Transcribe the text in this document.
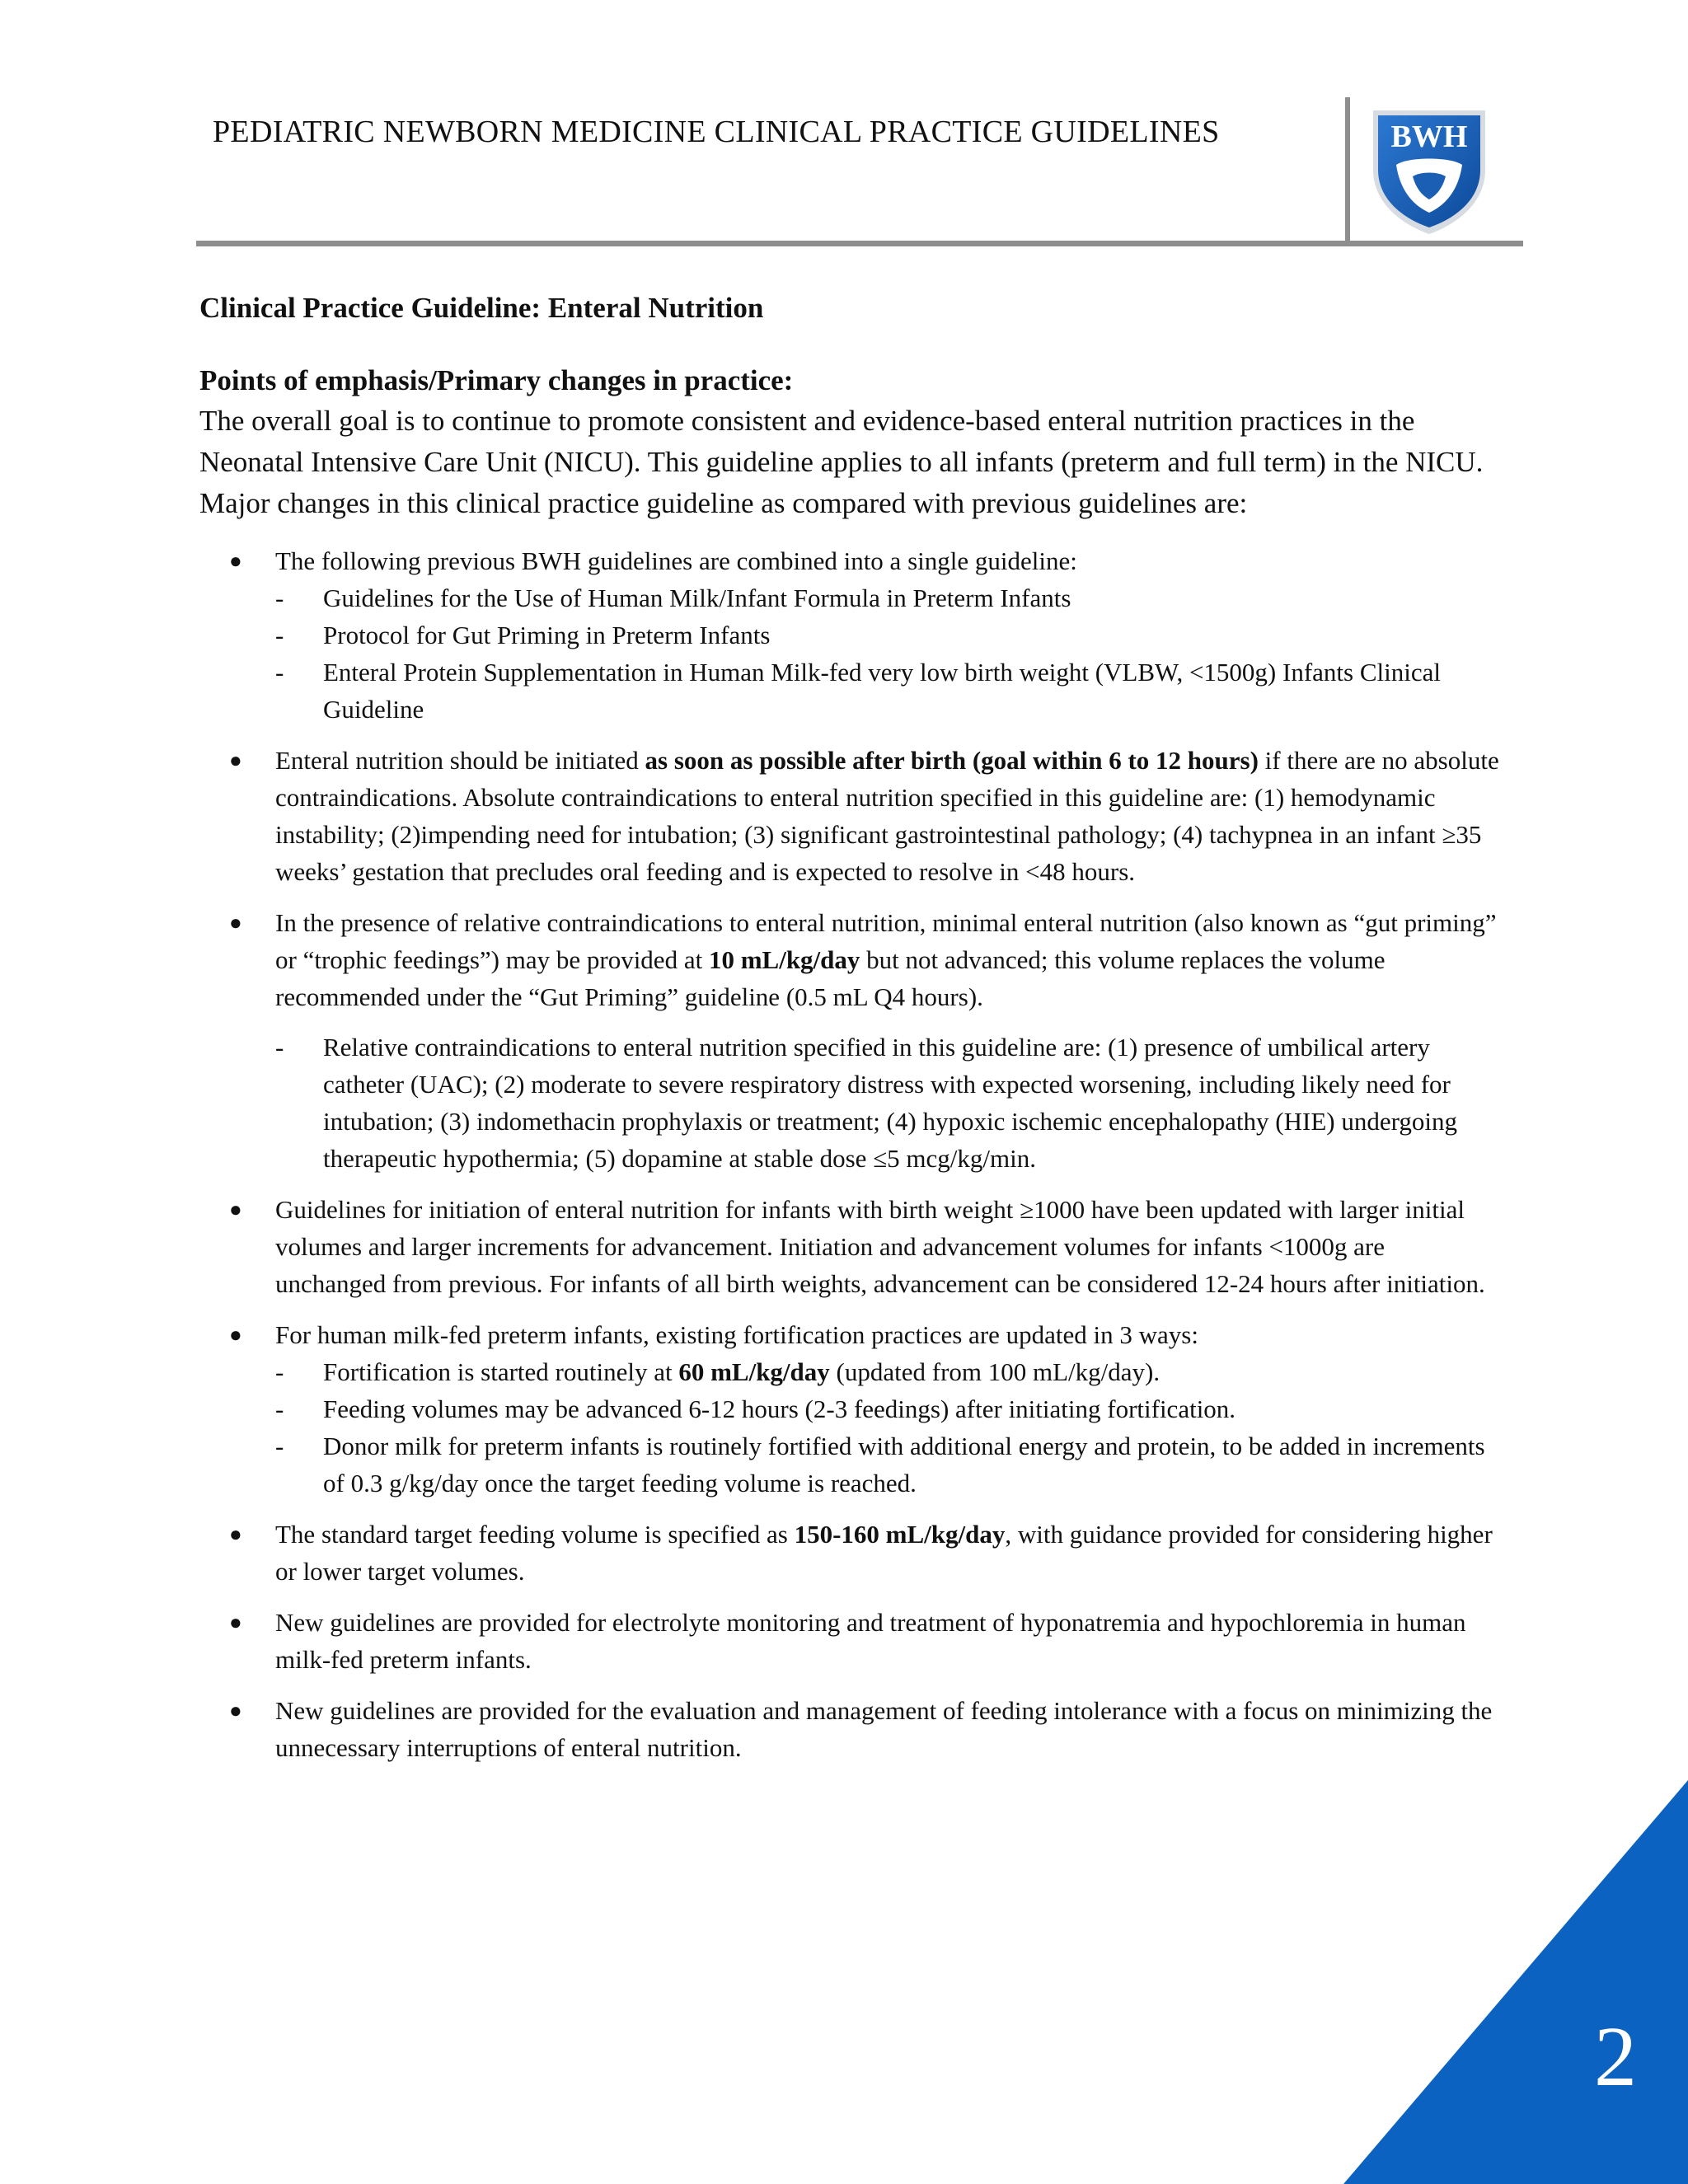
PEDIATRIC NEWBORN MEDICINE CLINICAL PRACTICE GUIDELINES	BWH

Clinical Practice Guideline: Enteral Nutrition

Points of emphasis/Primary changes in practice:

The overall goal is to continue to promote consistent and evidence-based enteral nutrition practices in the Neonatal Intensive Care Unit (NICU). This guideline applies to all infants (preterm and full term) in the NICU. Major changes in this clinical practice guideline as compared with previous guidelines are:

● The following previous BWH guidelines are combined into a single guideline:
- Guidelines for the Use of Human Milk/Infant Formula in Preterm Infants
- Protocol for Gut Priming in Preterm Infants
- Enteral Protein Supplementation in Human Milk-fed very low birth weight (VLBW, <1500g) Infants Clinical Guideline
● Enteral nutrition should be initiated as soon as possible after birth (goal within 6 to 12 hours) if there are no absolute contraindications. Absolute contraindications to enteral nutrition specified in this guideline are: (1) hemodynamic instability; (2)impending need for intubation; (3) significant gastrointestinal pathology; (4) tachypnea in an infant ≥35 weeks’ gestation that precludes oral feeding and is expected to resolve in <48 hours.
● In the presence of relative contraindications to enteral nutrition, minimal enteral nutrition (also known as “gut priming” or “trophic feedings”) may be provided at 10 mL/kg/day but not advanced; this volume replaces the volume recommended under the “Gut Priming” guideline (0.5 mL Q4 hours).
- Relative contraindications to enteral nutrition specified in this guideline are: (1) presence of umbilical artery catheter (UAC); (2) moderate to severe respiratory distress with expected worsening, including likely need for intubation; (3) indomethacin prophylaxis or treatment; (4) hypoxic ischemic encephalopathy (HIE) undergoing therapeutic hypothermia; (5) dopamine at stable dose ≤5 mcg/kg/min.
● Guidelines for initiation of enteral nutrition for infants with birth weight ≥1000 have been updated with larger initial volumes and larger increments for advancement. Initiation and advancement volumes for infants <1000g are unchanged from previous. For infants of all birth weights, advancement can be considered 12-24 hours after initiation.
● For human milk-fed preterm infants, existing fortification practices are updated in 3 ways:
- Fortification is started routinely at 60 mL/kg/day (updated from 100 mL/kg/day).
- Feeding volumes may be advanced 6-12 hours (2-3 feedings) after initiating fortification.
- Donor milk for preterm infants is routinely fortified with additional energy and protein, to be added in increments of 0.3 g/kg/day once the target feeding volume is reached.
● The standard target feeding volume is specified as 150-160 mL/kg/day, with guidance provided for considering higher or lower target volumes.
● New guidelines are provided for electrolyte monitoring and treatment of hyponatremia and hypochloremia in human milk-fed preterm infants.
● New guidelines are provided for the evaluation and management of feeding intolerance with a focus on minimizing the unnecessary interruptions of enteral nutrition.
2
